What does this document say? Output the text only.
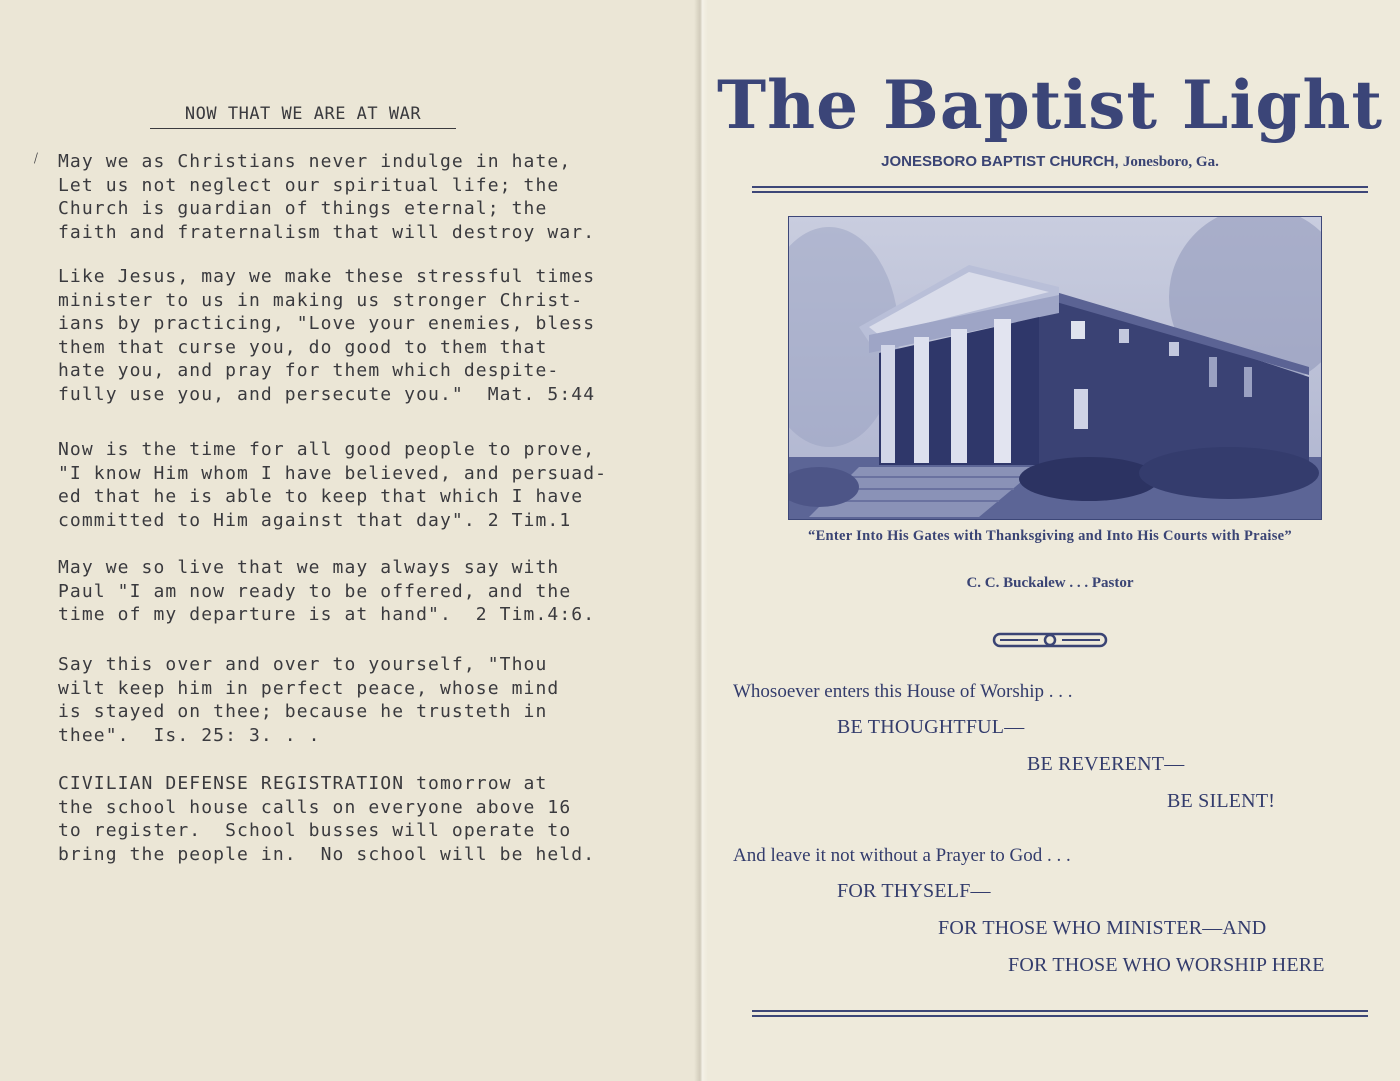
\
NOW THAT WE ARE AT WAR
May we as Christians never indulge in hate,
Let us not neglect our spiritual life; the
Church is guardian of things eternal; the
faith and fraternalism that will destroy war.
Like Jesus, may we make these stressful times
minister to us in making us stronger Christ-
ians by practicing, "Love your enemies, bless
them that curse you, do good to them that
hate you, and pray for them which despite-
fully use you, and persecute you."  Mat. 5:44
Now is the time for all good people to prove,
"I know Him whom I have believed, and persuad-
ed that he is able to keep that which I have
committed to Him against that day". 2 Tim.1
May we so live that we may always say with
Paul "I am now ready to be offered, and the
time of my departure is at hand".  2 Tim.4:6.
Say this over and over to yourself, "Thou
wilt keep him in perfect peace, whose mind
is stayed on thee; because he trusteth in
thee".  Is. 25: 3. . .
CIVILIAN DEFENSE REGISTRATION tomorrow at
the school house calls on everyone above 16
to register.  School busses will operate to
bring the people in.  No school will be held.
The Baptist Light
JONESBORO BAPTIST CHURCH, Jonesboro, Ga.
“Enter Into His Gates with Thanksgiving and Into His Courts with Praise”
C. C. Buckalew . . . Pastor
Whosoever enters this House of Worship . . .
BE THOUGHTFUL—
BE REVERENT—
BE SILENT!
And leave it not without a Prayer to God . . .
FOR THYSELF—
FOR THOSE WHO MINISTER—AND
FOR THOSE WHO WORSHIP HERE
